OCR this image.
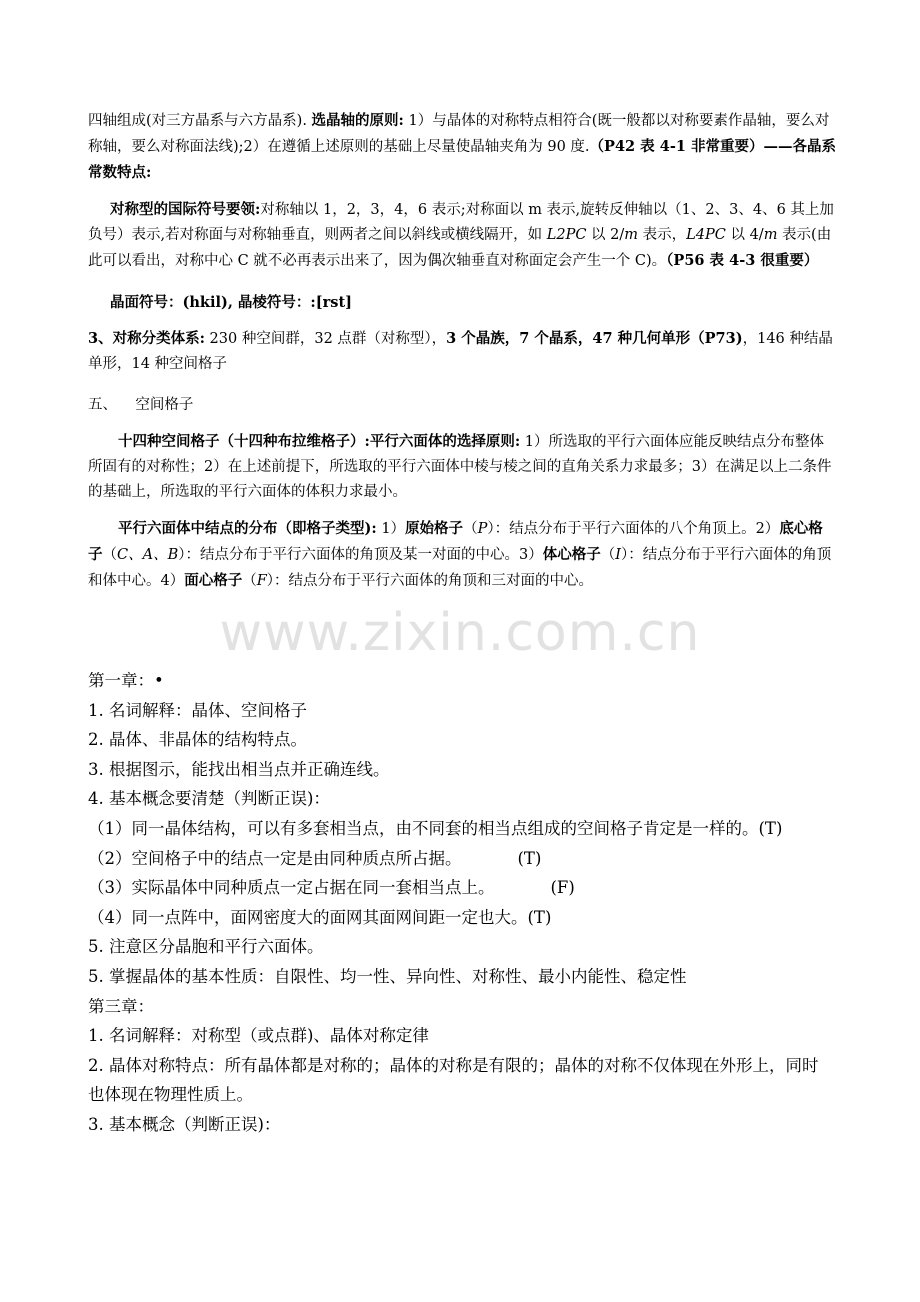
四轴组成(对三方晶系与六方晶系). 选晶轴的原则: 1）与晶体的对称特点相符合(既一般都以对称要素作晶轴，要么对称轴，要么对称面法线);2）在遵循上述原则的基础上尽量使晶轴夹角为 90 度.（P42 表 4-1 非常重要）——各晶系常数特点:

对称型的国际符号要领:对称轴以 1，2，3，4，6 表示;对称面以 m 表示,旋转反伸轴以（1、2、3、4、6 其上加负号）表示,若对称面与对称轴垂直，则两者之间以斜线或横线隔开，如 L2PC 以 2/m 表示，L4PC 以 4/m 表示(由此可以看出，对称中心 C 就不必再表示出来了，因为偶次轴垂直对称面定会产生一个 C)。（P56 表 4-3 很重要）

晶面符号：(hkil), 晶棱符号：:[rst]

3、对称分类体系: 230 种空间群，32 点群（对称型），3 个晶族，7 个晶系，47 种几何单形（P73)，146 种结晶单形，14 种空间格子

五、    空间格子

十四种空间格子（十四种布拉维格子）:平行六面体的选择原则: 1）所选取的平行六面体应能反映结点分布整体所固有的对称性；2）在上述前提下，所选取的平行六面体中棱与棱之间的直角关系力求最多；3）在满足以上二条件的基础上，所选取的平行六面体的体积力求最小。

平行六面体中结点的分布（即格子类型): 1）原始格子（P）：结点分布于平行六面体的八个角顶上。2）底心格子（C、A、B）：结点分布于平行六面体的角顶及某一对面的中心。3）体心格子（I）：结点分布于平行六面体的角顶和体中心。4）面心格子（F）：结点分布于平行六面体的角顶和三对面的中心。

www.zixin.com.cn

第一章：•

1. 名词解释：晶体、空间格子

2. 晶体、非晶体的结构特点。

3. 根据图示，能找出相当点并正确连线。

4. 基本概念要清楚（判断正误)：

（1）同一晶体结构，可以有多套相当点，由不同套的相当点组成的空间格子肯定是一样的。(T)

（2）空间格子中的结点一定是由同种质点所占据。	(T)

（3）实际晶体中同种质点一定占据在同一套相当点上。	(F)

（4）同一点阵中，面网密度大的面网其面网间距一定也大。(T)

5. 注意区分晶胞和平行六面体。

5. 掌握晶体的基本性质：自限性、均一性、异向性、对称性、最小内能性、稳定性

第三章：

1. 名词解释：对称型（或点群)、晶体对称定律

2. 晶体对称特点：所有晶体都是对称的；晶体的对称是有限的；晶体的对称不仅体现在外形上，同时也体现在物理性质上。

3. 基本概念（判断正误)：
